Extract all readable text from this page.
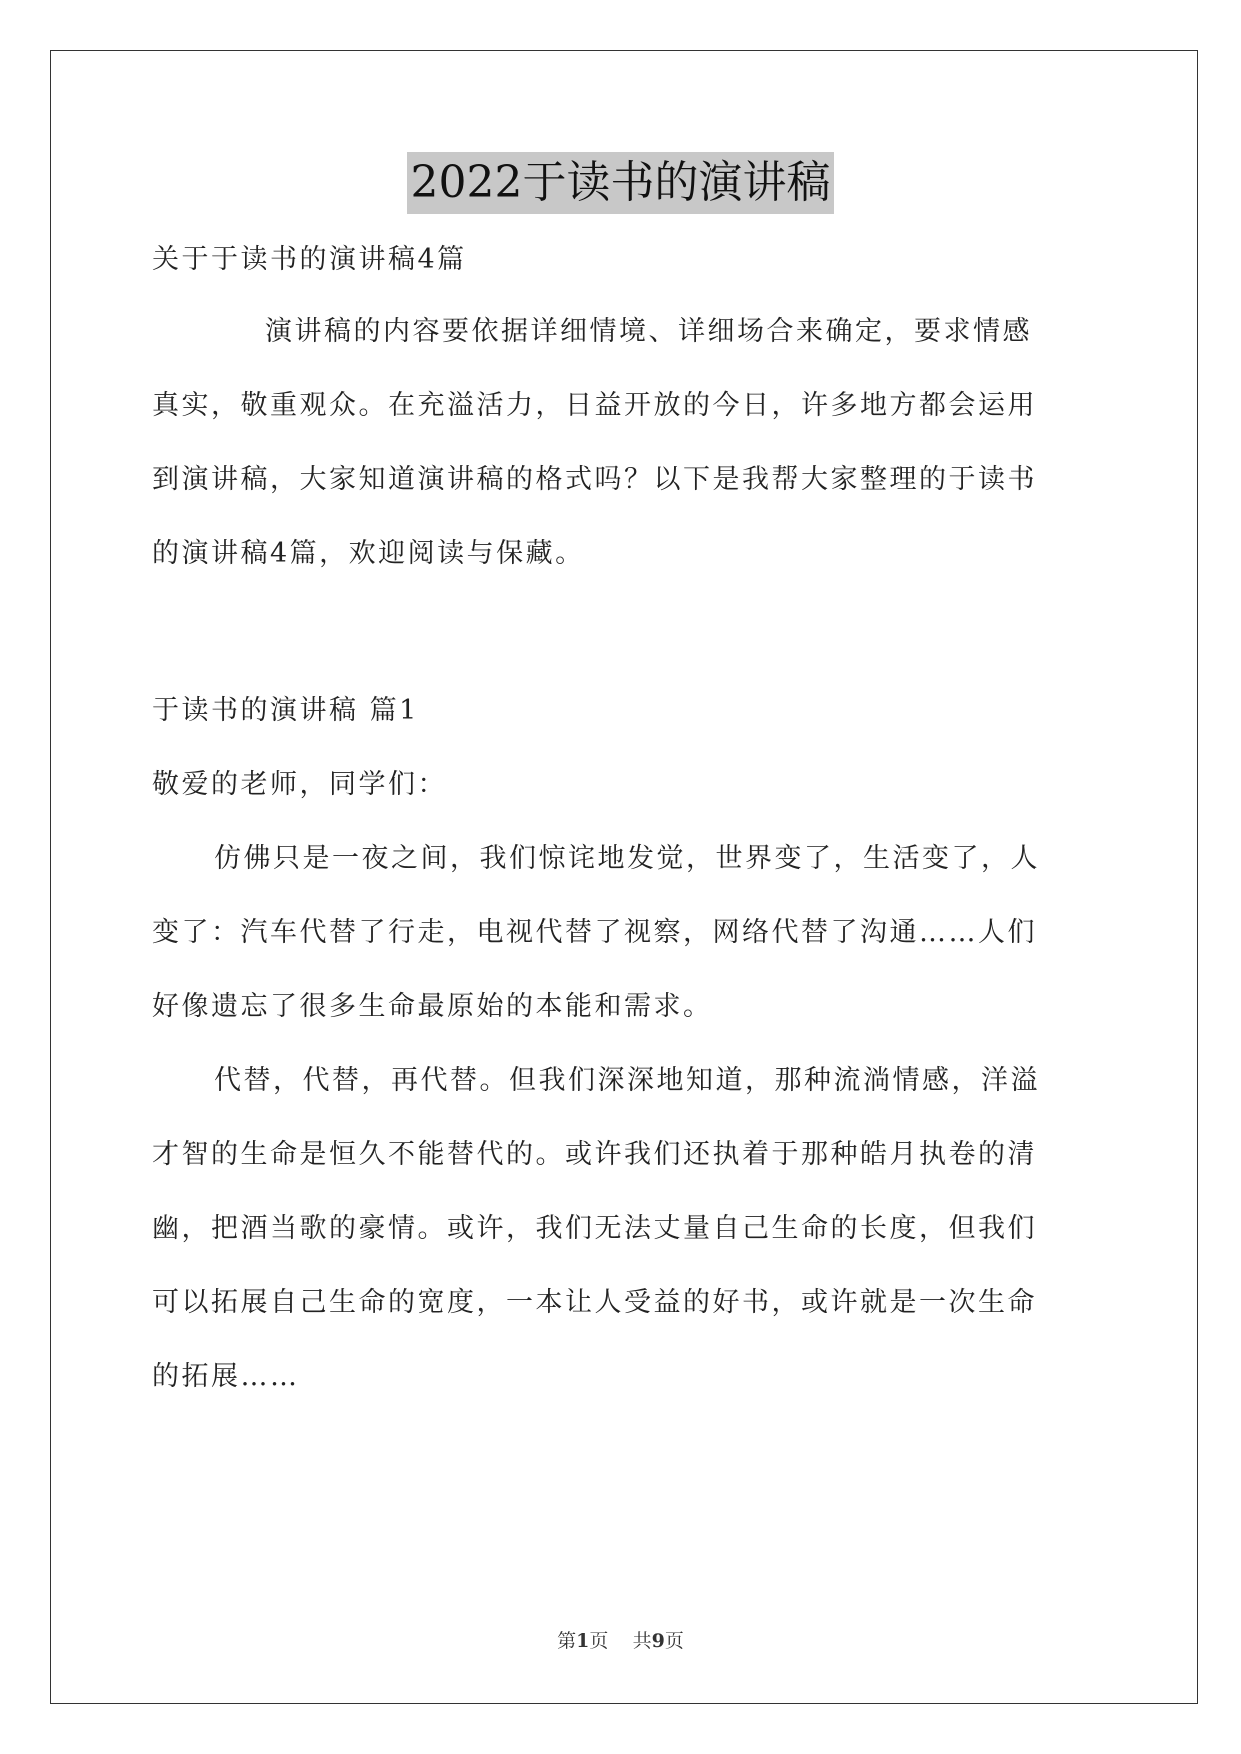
2022于读书的演讲稿
关于于读书的演讲稿4篇
演讲稿的内容要依据详细情境、详细场合来确定，要求情感
真实，敬重观众。在充溢活力，日益开放的今日，许多地方都会运用
到演讲稿，大家知道演讲稿的格式吗？以下是我帮大家整理的于读书
的演讲稿4篇，欢迎阅读与保藏。
于读书的演讲稿 篇1
敬爱的老师，同学们：
仿佛只是一夜之间，我们惊诧地发觉，世界变了，生活变了，人
变了：汽车代替了行走，电视代替了视察，网络代替了沟通……人们
好像遗忘了很多生命最原始的本能和需求。
代替，代替，再代替。但我们深深地知道，那种流淌情感，洋溢
才智的生命是恒久不能替代的。或许我们还执着于那种皓月执卷的清
幽，把酒当歌的豪情。或许，我们无法丈量自己生命的长度，但我们
可以拓展自己生命的宽度，一本让人受益的好书，或许就是一次生命
的拓展……
第1页 共9页
